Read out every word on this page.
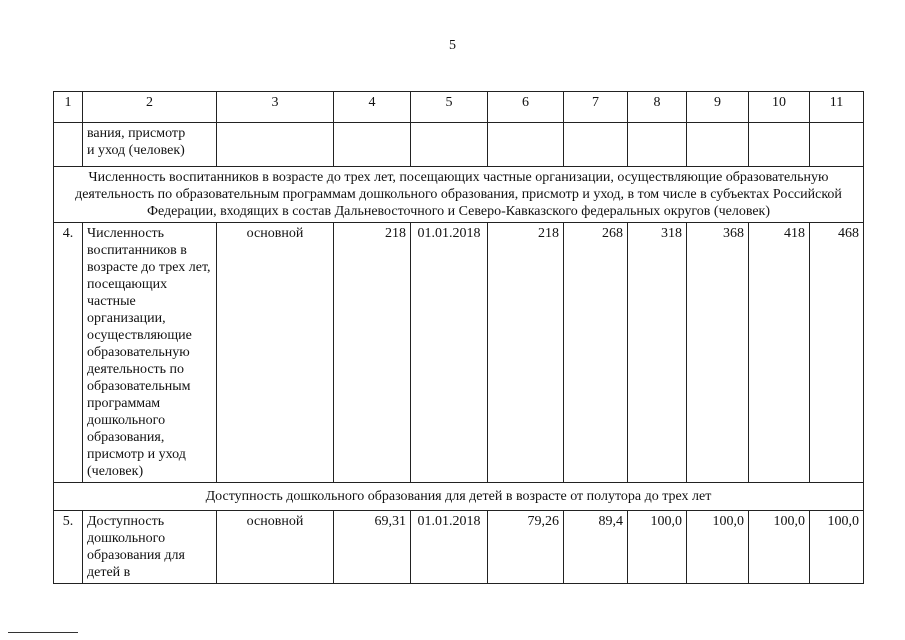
5
1	2	3	4	5	6	7	8	9	10	11
	вания, присмотр
и уход (человек)									
Численность воспитанников в возрасте до трех лет, посещающих частные организации, осуществляющие образовательную деятельность по образовательным программам дошкольного образования, присмотр и уход, в том числе в субъектах Российской Федерации, входящих в состав Дальневосточного и Северо-Кавказского федеральных округов (человек)										
4.	Численность воспитанников в возрасте до трех лет, посещающих частные организации, осуществляющие образовательную деятельность по образовательным программам дошкольного образования, присмотр и уход (человек)	основной	218	01.01.2018	218	268	318	368	418	468
Доступность дошкольного образования для детей в возрасте от полутора до трех лет										
5.	Доступность дошкольного образования для детей в	основной	69,31	01.01.2018	79,26	89,4	100,0	100,0	100,0	100,0
